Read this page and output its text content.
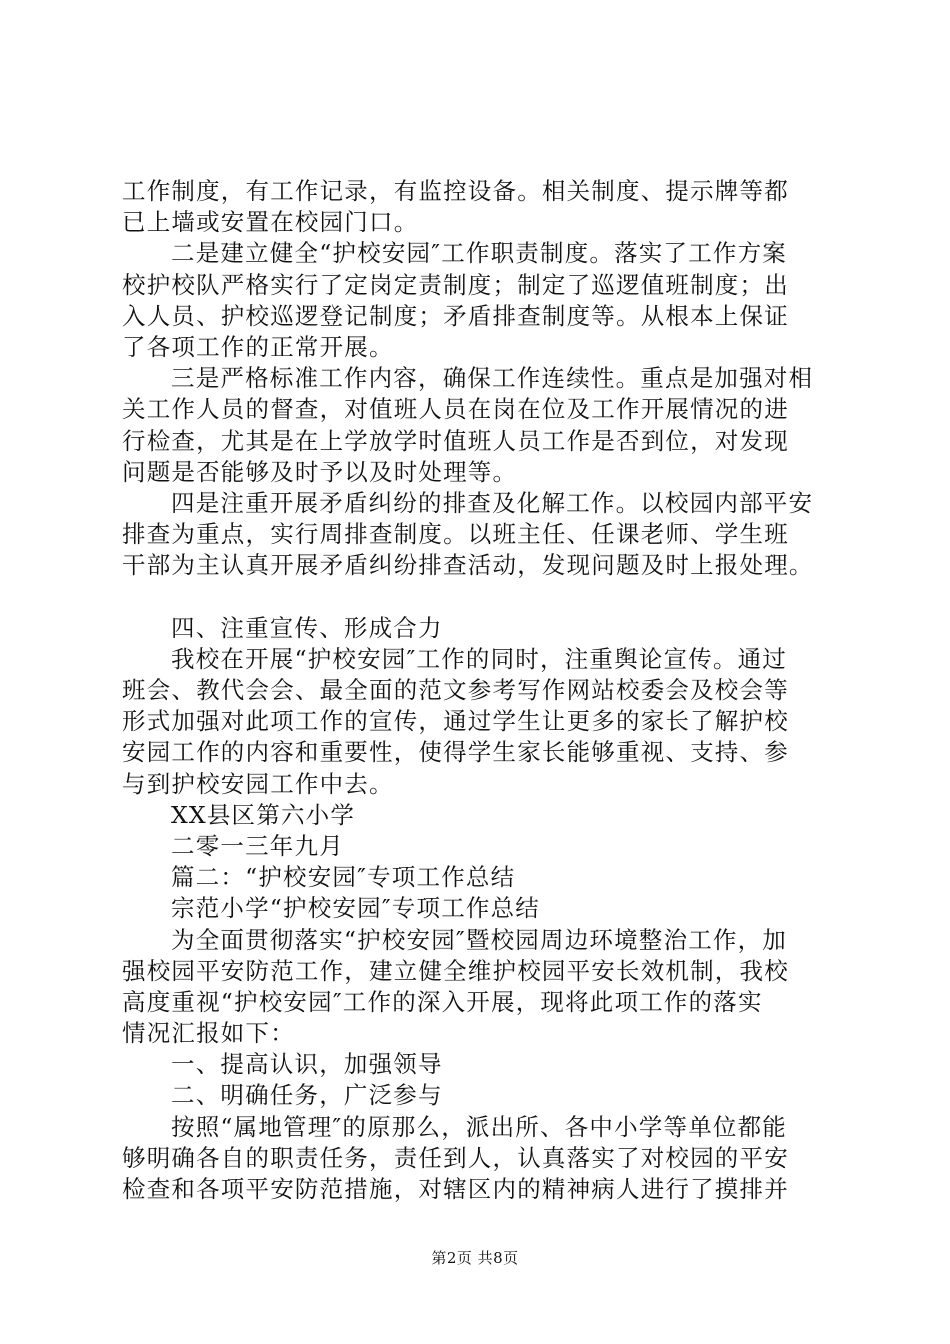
工作制度，有工作记录，有监控设备。相关制度、提示牌等都
已上墙或安置在校园门口。
二是建立健全“护校安园″工作职责制度。落实了工作方案
校护校队严格实行了定岗定责制度；制定了巡逻值班制度；出
入人员、护校巡逻登记制度；矛盾排查制度等。从根本上保证
了各项工作的正常开展。
三是严格标准工作内容，确保工作连续性。重点是加强对相
关工作人员的督查，对值班人员在岗在位及工作开展情况的进
行检查，尤其是在上学放学时值班人员工作是否到位，对发现
问题是否能够及时予以及时处理等。
四是注重开展矛盾纠纷的排查及化解工作。以校园内部平安
排查为重点，实行周排查制度。以班主任、任课老师、学生班
干部为主认真开展矛盾纠纷排查活动，发现问题及时上报处理。
四、注重宣传、形成合力
我校在开展“护校安园″工作的同时，注重舆论宣传。通过
班会、教代会会、最全面的范文参考写作网站校委会及校会等
形式加强对此项工作的宣传，通过学生让更多的家长了解护校
安园工作的内容和重要性，使得学生家长能够重视、支持、参
与到护校安园工作中去。
XX县区第六小学
二零一三年九月
篇二：“护校安园″专项工作总结
宗范小学“护校安园″专项工作总结
为全面贯彻落实“护校安园″暨校园周边环境整治工作，加
强校园平安防范工作，建立健全维护校园平安长效机制，我校
高度重视“护校安园″工作的深入开展，现将此项工作的落实
情况汇报如下：
一、提高认识，加强领导
二、明确任务，广泛参与
按照“属地管理″的原那么，派出所、各中小学等单位都能
够明确各自的职责任务，责任到人，认真落实了对校园的平安
检查和各项平安防范措施，对辖区内的精神病人进行了摸排并
第2页 共8页
